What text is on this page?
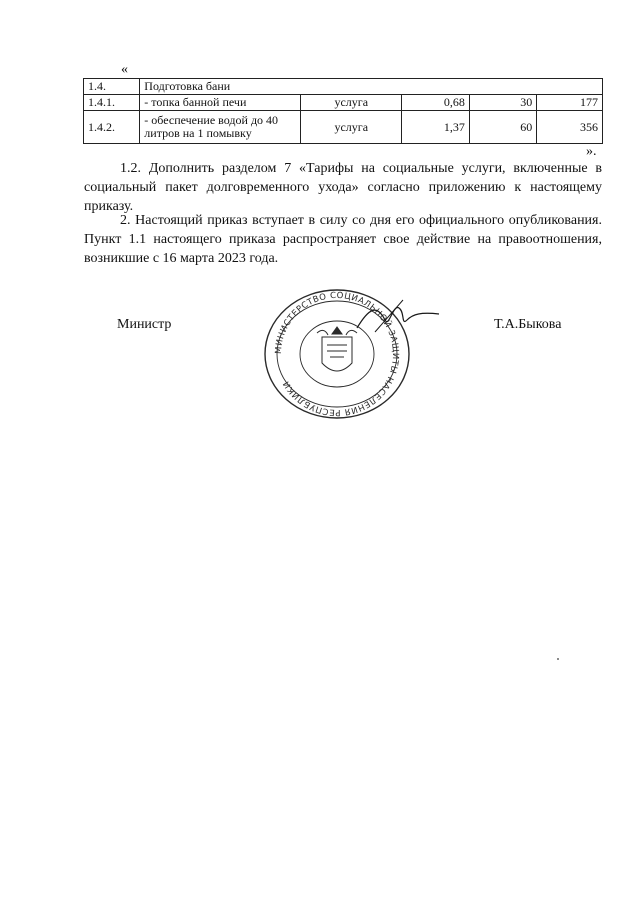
«
1.4.	Подготовка бани				
1.4.1.	- топка банной печи	услуга	0,68	30	177
1.4.2.	- обеспечение водой до 40 литров на 1 помывку	услуга	1,37	60	356
».
1.2. Дополнить разделом 7 «Тарифы на социальные услуги, включенные в социальный пакет долговременного ухода» согласно приложению к настоящему приказу.
2. Настоящий приказ вступает в силу со дня его официального опубликования. Пункт 1.1 настоящего приказа распространяет свое действие на правоотношения, возникшие с 16 марта 2023 года.
Министр	Т.А.Быкова
МИНИСТЕРСТВО СОЦИАЛЬНОЙ ЗАЩИТЫ НАСЕЛЕНИЯ РЕСПУБЛИКИ
